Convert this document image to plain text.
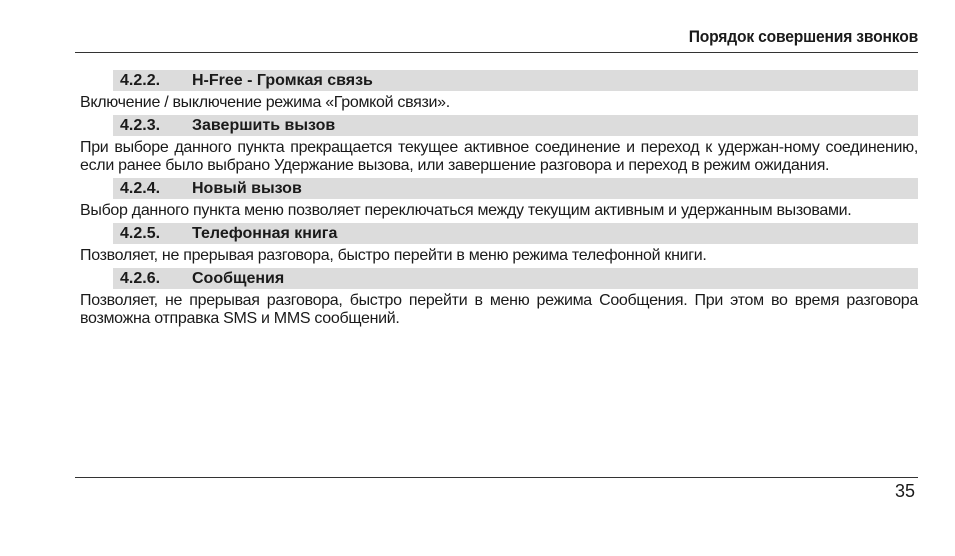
Порядок совершения звонков
4.2.2. H-Free - Громкая связь

Включение / выключение режима «Громкой связи».

4.2.3. Завершить вызов

При выборе данного пункта прекращается текущее активное соединение и переход к удержан-ному соединению, если ранее было выбрано Удержание вызова, или завершение разговора и переход в режим ожидания.

4.2.4. Новый вызов

Выбор данного пункта меню позволяет переключаться между текущим активным и удержанным вызовами.

4.2.5. Телефонная книга

Позволяет, не прерывая разговора, быстро перейти в меню режима телефонной книги.

4.2.6. Сообщения

Позволяет, не прерывая разговора, быстро перейти в меню режима Сообщения. При этом во время разговора возможна отправка SMS и MMS сообщений.

35
